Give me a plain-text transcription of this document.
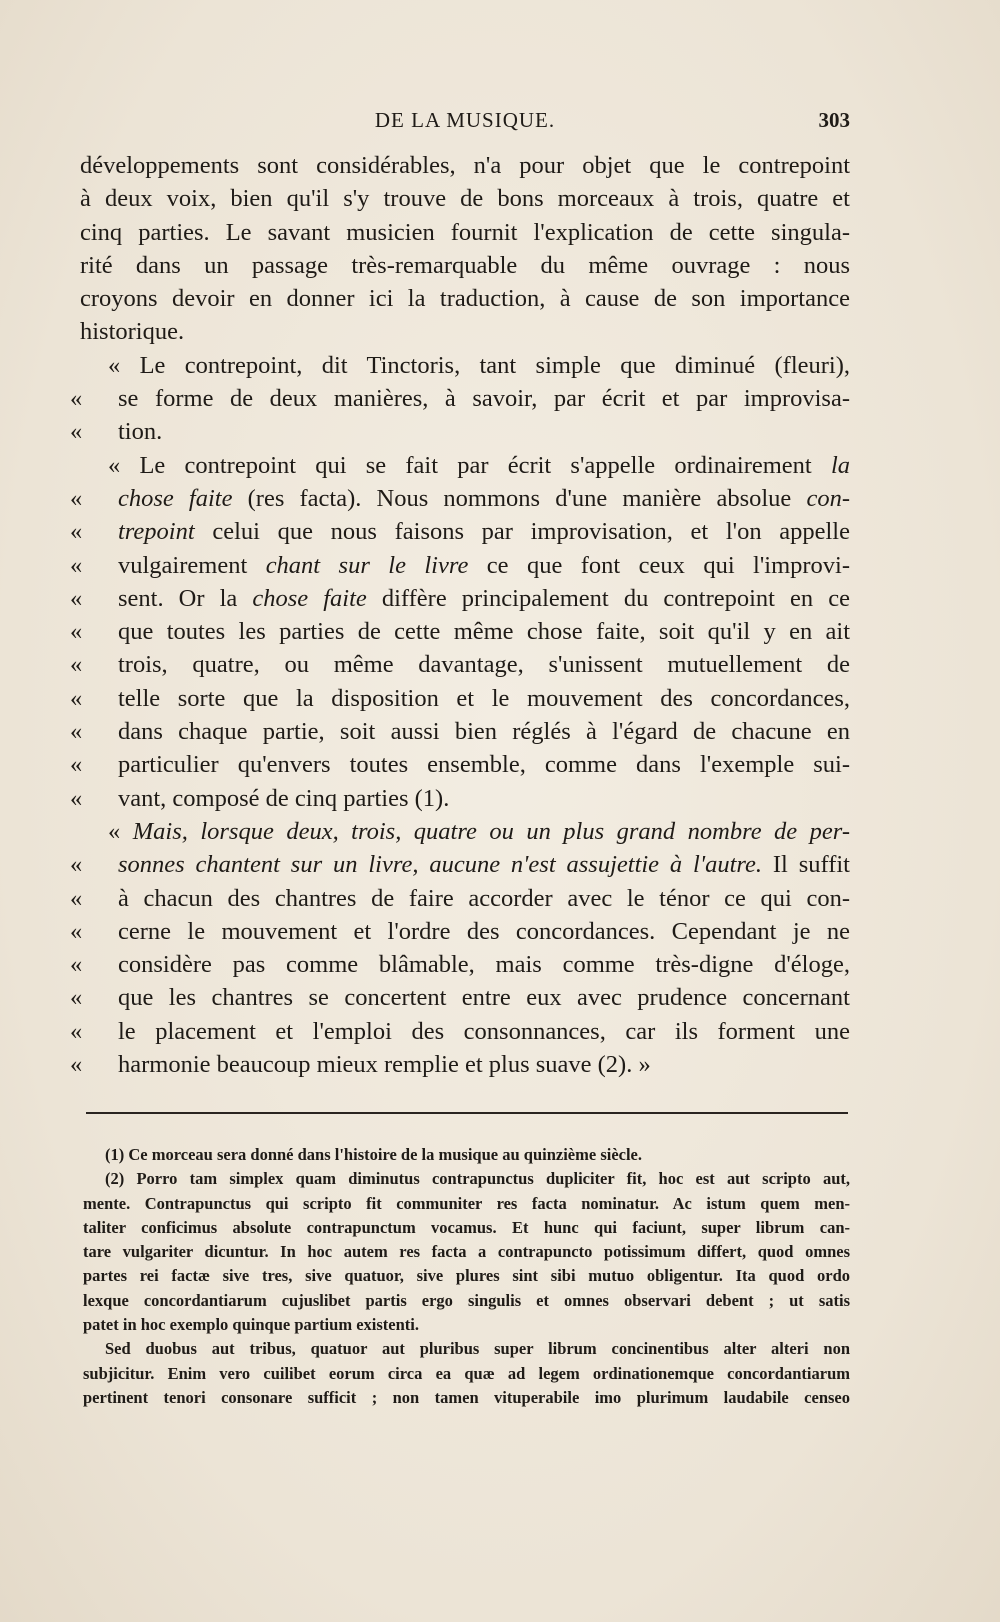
DE LA MUSIQUE.	303
développements sont considérables, n'a pour objet que le contrepoint
à deux voix, bien qu'il s'y trouve de bons morceaux à trois, quatre et
cinq parties. Le savant musicien fournit l'explication de cette singula-
rité dans un passage très-remarquable du même ouvrage : nous
croyons devoir en donner ici la traduction, à cause de son importance
historique.
« Le contrepoint, dit Tinctoris, tant simple que diminué (fleuri),
«	se forme de deux manières, à savoir, par écrit et par improvisa-
«	tion.
« Le contrepoint qui se fait par écrit s'appelle ordinairement la
«	chose faite (res facta). Nous nommons d'une manière absolue con-
«	trepoint celui que nous faisons par improvisation, et l'on appelle
«	vulgairement chant sur le livre ce que font ceux qui l'improvi-
«	sent. Or la chose faite diffère principalement du contrepoint en ce
«	que toutes les parties de cette même chose faite, soit qu'il y en ait
«	trois, quatre, ou même davantage, s'unissent mutuellement de
«	telle sorte que la disposition et le mouvement des concordances,
«	dans chaque partie, soit aussi bien réglés à l'égard de chacune en
«	particulier qu'envers toutes ensemble, comme dans l'exemple sui-
«	vant, composé de cinq parties (1).
« Mais, lorsque deux, trois, quatre ou un plus grand nombre de per-
«	sonnes chantent sur un livre, aucune n'est assujettie à l'autre. Il suffit
«	à chacun des chantres de faire accorder avec le ténor ce qui con-
«	cerne le mouvement et l'ordre des concordances. Cependant je ne
«	considère pas comme blâmable, mais comme très-digne d'éloge,
«	que les chantres se concertent entre eux avec prudence concernant
«	le placement et l'emploi des consonnances, car ils forment une
«	harmonie beaucoup mieux remplie et plus suave (2). »
(1) Ce morceau sera donné dans l'histoire de la musique au quinzième siècle.
(2) Porro tam simplex quam diminutus contrapunctus dupliciter fit, hoc est aut scripto aut,
mente. Contrapunctus qui scripto fit communiter res facta nominatur. Ac istum quem men-
taliter conficimus absolute contrapunctum vocamus. Et hunc qui faciunt, super librum can-
tare vulgariter dicuntur. In hoc autem res facta a contrapuncto potissimum differt, quod omnes
partes rei factæ sive tres, sive quatuor, sive plures sint sibi mutuo obligentur. Ita quod ordo
lexque concordantiarum cujuslibet partis ergo singulis et omnes observari debent ; ut satis
patet in hoc exemplo quinque partium existenti.
Sed duobus aut tribus, quatuor aut pluribus super librum concinentibus alter alteri non
subjicitur. Enim vero cuilibet eorum circa ea quæ ad legem ordinationemque concordantiarum
pertinent tenori consonare sufficit ; non tamen vituperabile imo plurimum laudabile censeo
